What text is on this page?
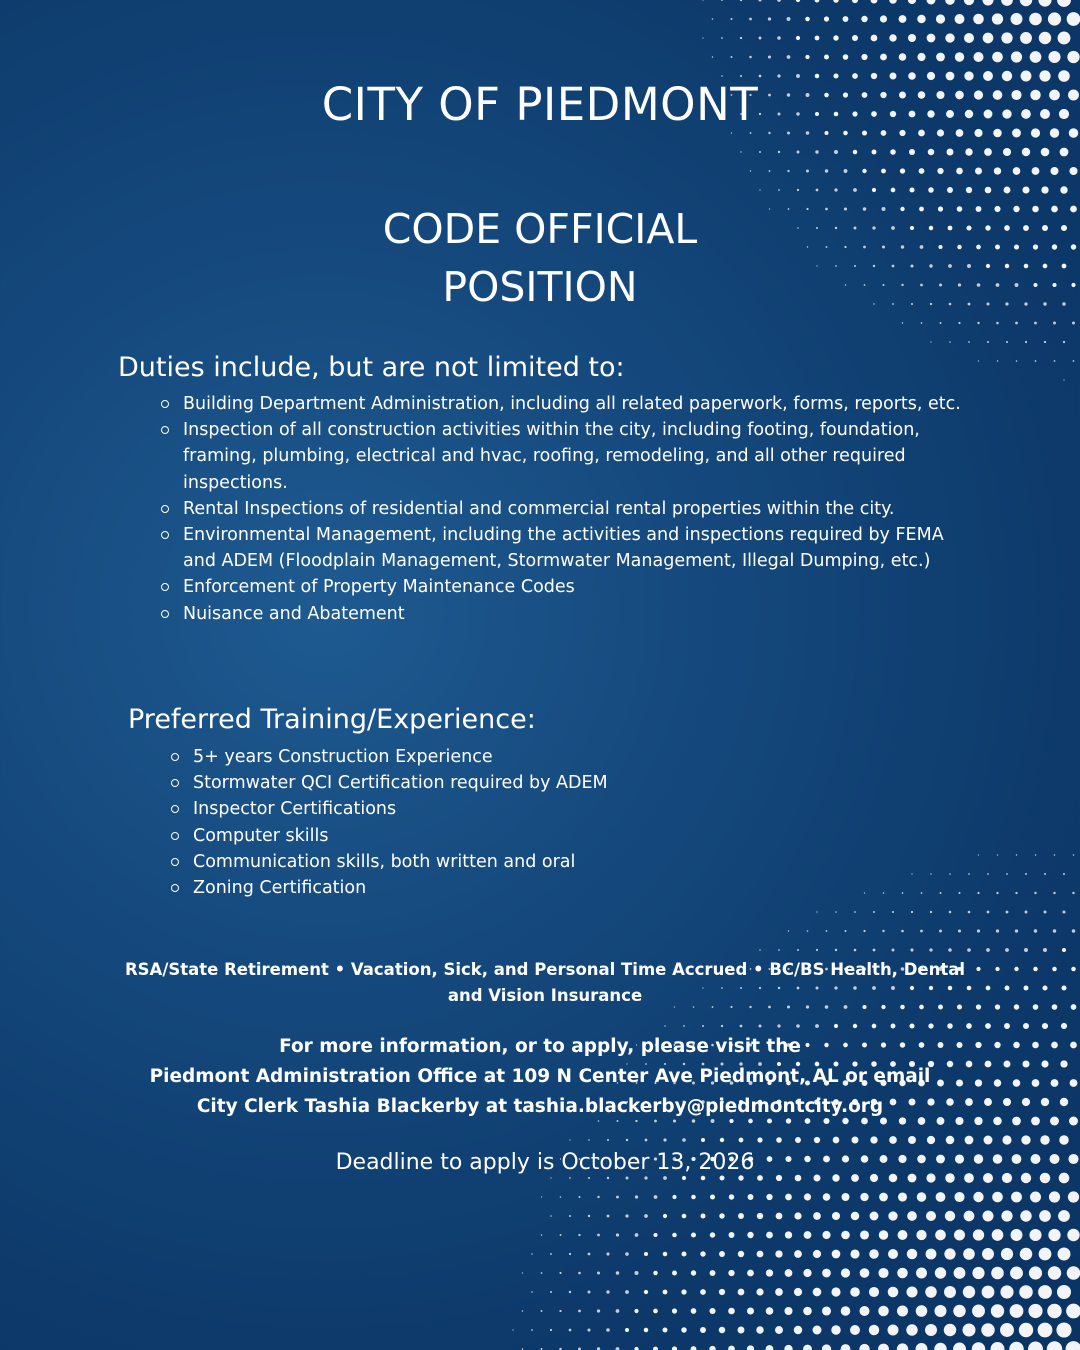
CITY OF PIEDMONT
CODE OFFICIAL
POSITION
Duties include, but are not limited to:
Building Department Administration, including all related paperwork, forms, reports, etc.
Inspection of all construction activities within the city, including footing, foundation, framing, plumbing, electrical and hvac, roofing, remodeling, and all other required inspections.
Rental Inspections of residential and commercial rental properties within the city.
Environmental Management, including the activities and inspections required by FEMA and ADEM (Floodplain Management, Stormwater Management, Illegal Dumping, etc.)
Enforcement of Property Maintenance Codes
Nuisance and Abatement
Preferred Training/Experience:
5+ years Construction Experience
Stormwater QCI Certification required by ADEM
Inspector Certifications
Computer skills
Communication skills, both written and oral
Zoning Certification

RSA/State Retirement • Vacation, Sick, and Personal Time Accrued • BC/BS Health, Dental and Vision Insurance

For more information, or to apply, please visit the
Piedmont Administration Office at 109 N Center Ave Piedmont, AL or email
City Clerk Tashia Blackerby at tashia.blackerby@piedmontcity.org
Deadline to apply is October 13, 2026
